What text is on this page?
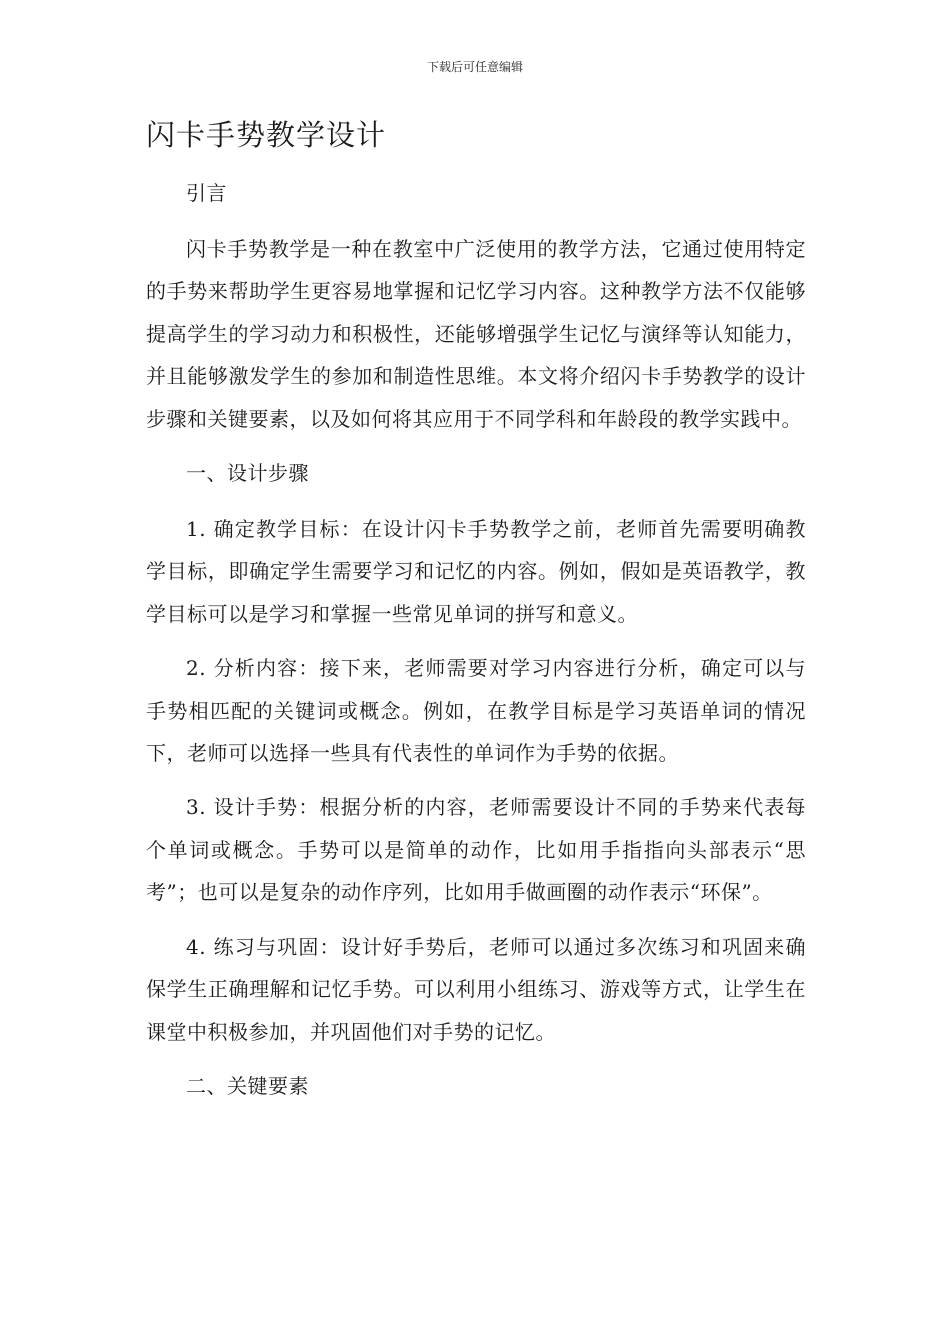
下载后可任意编辑
闪卡手势教学设计

引言

闪卡手势教学是一种在教室中广泛使用的教学方法，它通过使用特定的手势来帮助学生更容易地掌握和记忆学习内容。这种教学方法不仅能够提高学生的学习动力和积极性，还能够增强学生记忆与演绎等认知能力，并且能够激发学生的参加和制造性思维。本文将介绍闪卡手势教学的设计步骤和关键要素，以及如何将其应用于不同学科和年龄段的教学实践中。

一、设计步骤

1. 确定教学目标：在设计闪卡手势教学之前，老师首先需要明确教学目标，即确定学生需要学习和记忆的内容。例如，假如是英语教学，教学目标可以是学习和掌握一些常见单词的拼写和意义。

2. 分析内容：接下来，老师需要对学习内容进行分析，确定可以与手势相匹配的关键词或概念。例如，在教学目标是学习英语单词的情况下，老师可以选择一些具有代表性的单词作为手势的依据。

3. 设计手势：根据分析的内容，老师需要设计不同的手势来代表每个单词或概念。手势可以是简单的动作，比如用手指指向头部表示“思考”；也可以是复杂的动作序列，比如用手做画圈的动作表示“环保”。

4. 练习与巩固：设计好手势后，老师可以通过多次练习和巩固来确保学生正确理解和记忆手势。可以利用小组练习、游戏等方式，让学生在课堂中积极参加，并巩固他们对手势的记忆。

二、关键要素
